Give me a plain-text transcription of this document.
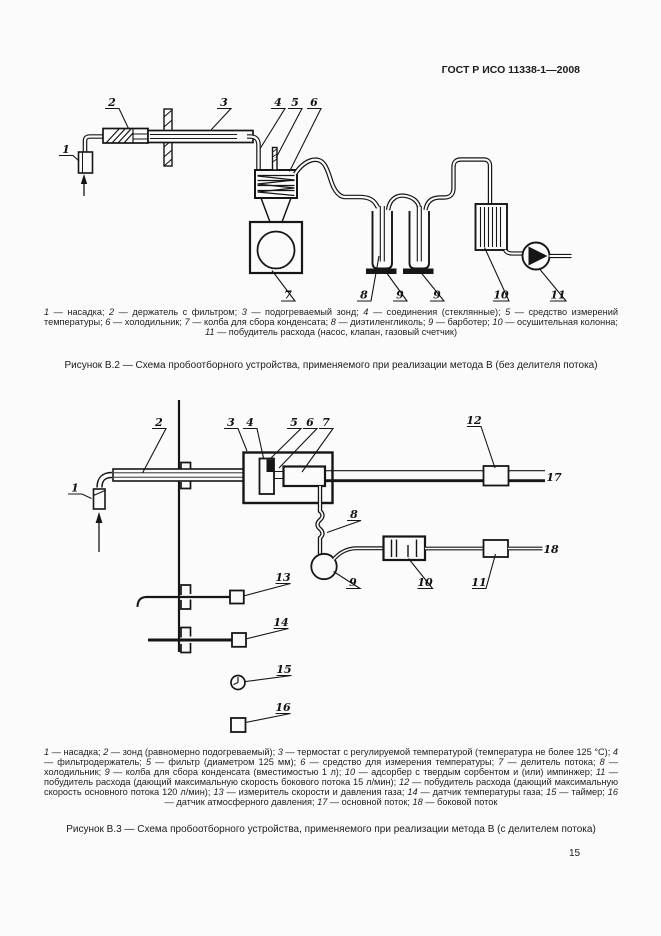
ГОСТ Р ИСО 11338-1—2008
1
2	3	4 5 6
7	8	9	9	10	11

1 — насадка; 2 — держатель с фильтром; 3 — подогреваемый зонд; 4 — соединения (стеклянные); 5 — средство измерений температуры; 6 — холодильник; 7 — колба для сбора конденсата; 8 — диэтиленгликоль; 9 — барботер; 10 — осушительная колонна; 11 — побудитель расхода (насос, клапан, газовый счетчик)

Рисунок В.2 — Схема пробоотборного устройства, применяемого при реализации метода В (без делителя потока)

1
2	3 4	5 6 7	12
8
9	10	11
13
14
15
16
17
18

1 — насадка; 2 — зонд (равномерно подогреваемый); 3 — термостат с регулируемой температурой (температура не более 125 °С); 4 — фильтродержатель; 5 — фильтр (диаметром 125 мм); 6 — средство для измерения температуры; 7 — делитель потока; 8 — холодильник; 9 — колба для сбора конденсата (вместимостью 1 л); 10 — адсорбер с твердым сорбентом и (или) импинжер; 11 — побудитель расхода (дающий максимальную скорость бокового потока 15 л/мин); 12 — побудитель расхода (дающий максимальную скорость основного потока 120 л/мин); 13 — измеритель скорости и давления газа; 14 — датчик температуры газа; 15 — таймер; 16 — датчик атмосферного давления; 17 — основной поток; 18 — боковой поток

Рисунок В.3 — Схема пробоотборного устройства, применяемого при реализации метода В (с делителем потока)

15
